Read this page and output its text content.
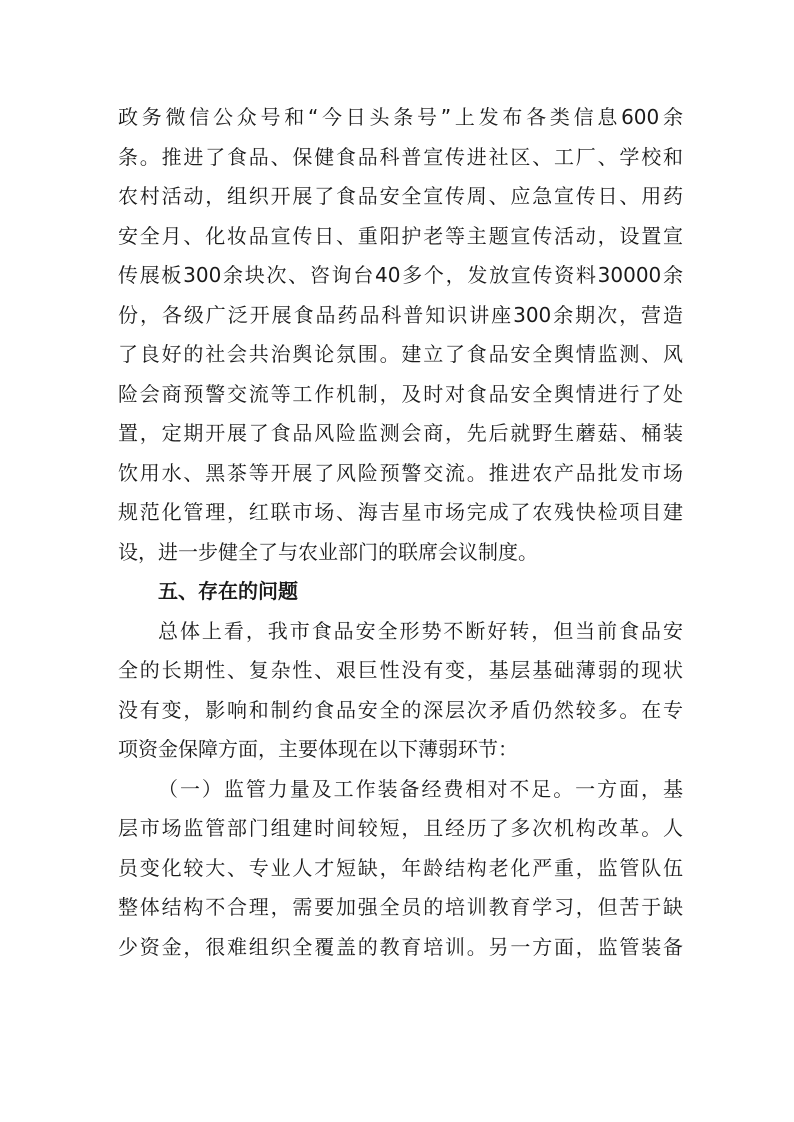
政务微信公众号和“今日头条号”上发布各类信息600余
条。推进了食品、保健食品科普宣传进社区、工厂、学校和
农村活动，组织开展了食品安全宣传周、应急宣传日、用药
安全月、化妆品宣传日、重阳护老等主题宣传活动，设置宣
传展板300余块次、咨询台40多个，发放宣传资料30000余
份，各级广泛开展食品药品科普知识讲座300余期次，营造
了良好的社会共治舆论氛围。建立了食品安全舆情监测、风
险会商预警交流等工作机制，及时对食品安全舆情进行了处
置，定期开展了食品风险监测会商，先后就野生蘑菇、桶装
饮用水、黑茶等开展了风险预警交流。推进农产品批发市场
规范化管理，红联市场、海吉星市场完成了农残快检项目建
设，进一步健全了与农业部门的联席会议制度。
五、存在的问题
总体上看，我市食品安全形势不断好转，但当前食品安
全的长期性、复杂性、艰巨性没有变，基层基础薄弱的现状
没有变，影响和制约食品安全的深层次矛盾仍然较多。在专
项资金保障方面，主要体现在以下薄弱环节：
（一）监管力量及工作装备经费相对不足。一方面，基
层市场监管部门组建时间较短，且经历了多次机构改革。人
员变化较大、专业人才短缺，年龄结构老化严重，监管队伍
整体结构不合理，需要加强全员的培训教育学习，但苦于缺
少资金，很难组织全覆盖的教育培训。另一方面，监管装备
